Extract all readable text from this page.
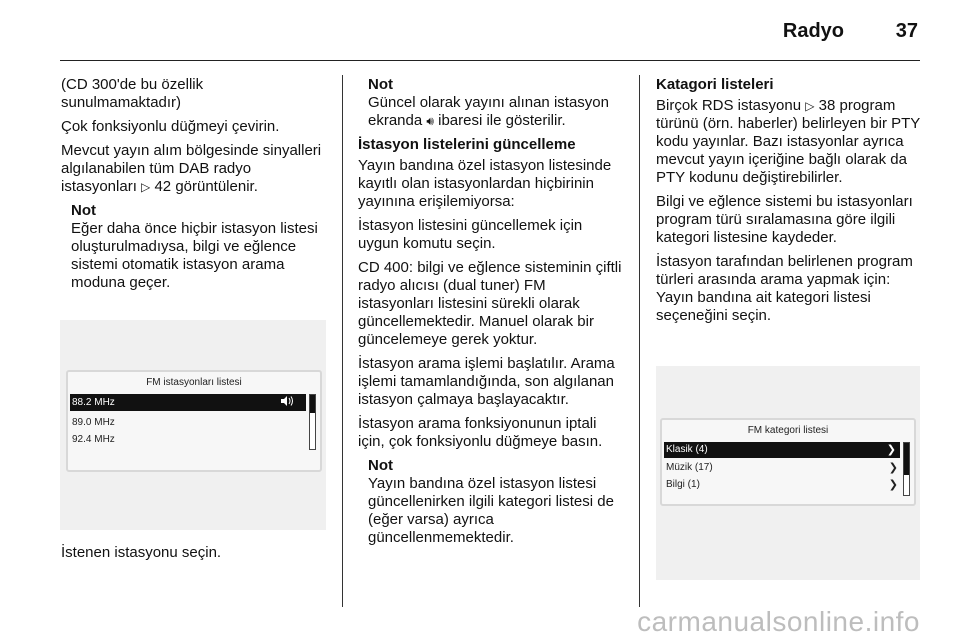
Radyo	37

(CD 300'de bu özellik sunulmamaktadır)

Çok fonksiyonlu düğmeyi çevirin.

Mevcut yayın alım bölgesinde sinyalleri algılanabilen tüm DAB radyo istasyonları ▷ 42 görüntülenir.

Not
Eğer daha önce hiçbir istasyon listesi oluşturulmadıysa, bilgi ve eğlence sistemi otomatik istasyon arama moduna geçer.
FM istasyonları listesi
88.2 MHz
89.0 MHz
92.4 MHz

İstenen istasyonu seçin.

Not
Güncel olarak yayını alınan istasyon ekranda 🔊︎ ibaresi ile gösterilir.
İstasyon listelerini güncelleme

Yayın bandına özel istasyon listesinde kayıtlı olan istasyonlardan hiçbirinin yayınına erişilemiyorsa:

İstasyon listesini güncellemek için uygun komutu seçin.

CD 400: bilgi ve eğlence sisteminin çiftli radyo alıcısı (dual tuner) FM istasyonları listesini sürekli olarak güncellemektedir. Manuel olarak bir güncelemeye gerek yoktur.

İstasyon arama işlemi başlatılır. Arama işlemi tamamlandığında, son algılanan istasyon çalmaya başlayacaktır.

İstasyon arama fonksiyonunun iptali için, çok fonksiyonlu düğmeye basın.

Not
Yayın bandına özel istasyon listesi güncellenirken ilgili kategori listesi de (eğer varsa) ayrıca güncellenmemektedir.
Katagori listeleri

Birçok RDS istasyonu ▷ 38 program türünü (örn. haberler) belirleyen bir PTY kodu yayınlar. Bazı istasyonlar ayrıca mevcut yayın içeriğine bağlı olarak da PTY kodunu değiştirebilirler.

Bilgi ve eğlence sistemi bu istasyonları program türü sıralamasına göre ilgili kategori listesine kaydeder.

İstasyon tarafından belirlenen program türleri arasında arama yapmak için: Yayın bandına ait kategori listesi seçeneğini seçin.

FM kategori listesi
Klasik (4)	❯
Müzik (17)	❯
Bilgi (1)	❯
carmanualsonline.info
